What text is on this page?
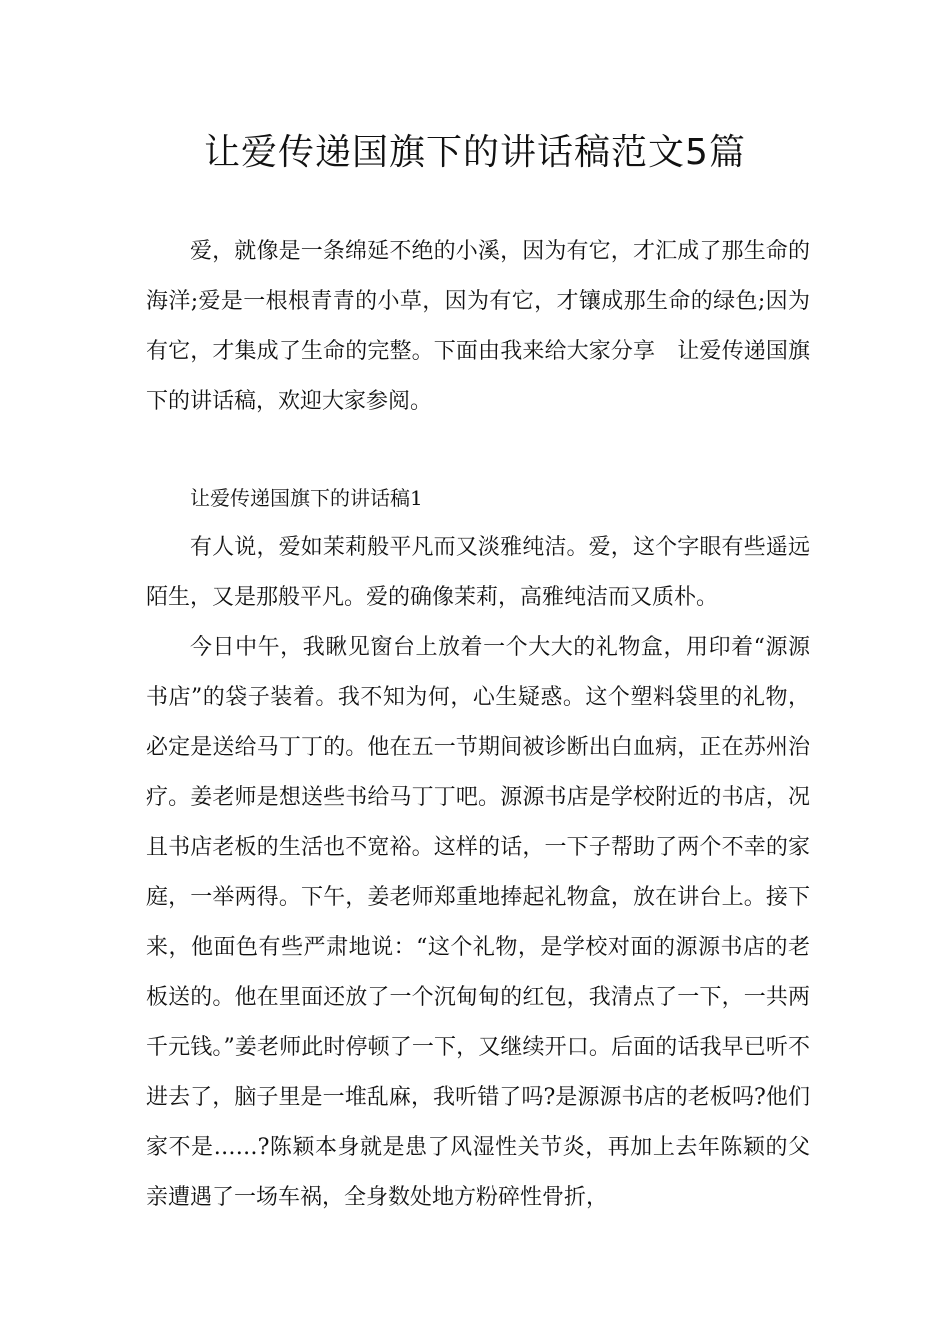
让爱传递国旗下的讲话稿范文5篇

爱，就像是一条绵延不绝的小溪，因为有它，才汇成了那生命的海洋;爱是一根根青青的小草，因为有它，才镶成那生命的绿色;因为有它，才集成了生命的完整。下面由我来给大家分享　让爱传递国旗下的讲话稿，欢迎大家参阅。

让爱传递国旗下的讲话稿1

有人说，爱如茉莉般平凡而又淡雅纯洁。爱，这个字眼有些遥远陌生，又是那般平凡。爱的确像茉莉，高雅纯洁而又质朴。

今日中午，我瞅见窗台上放着一个大大的礼物盒，用印着“源源书店”的袋子装着。我不知为何，心生疑惑。这个塑料袋里的礼物，必定是送给马丁丁的。他在五一节期间被诊断出白血病，正在苏州治疗。姜老师是想送些书给马丁丁吧。源源书店是学校附近的书店，况且书店老板的生活也不宽裕。这样的话，一下子帮助了两个不幸的家庭，一举两得。下午，姜老师郑重地捧起礼物盒，放在讲台上。接下来，他面色有些严肃地说：“这个礼物，是学校对面的源源书店的老板送的。他在里面还放了一个沉甸甸的红包，我清点了一下，一共两千元钱。”姜老师此时停顿了一下，又继续开口。后面的话我早已听不进去了，脑子里是一堆乱麻，我听错了吗?是源源书店的老板吗?他们家不是……?陈颖本身就是患了风湿性关节炎，再加上去年陈颖的父亲遭遇了一场车祸，全身数处地方粉碎性骨折，
